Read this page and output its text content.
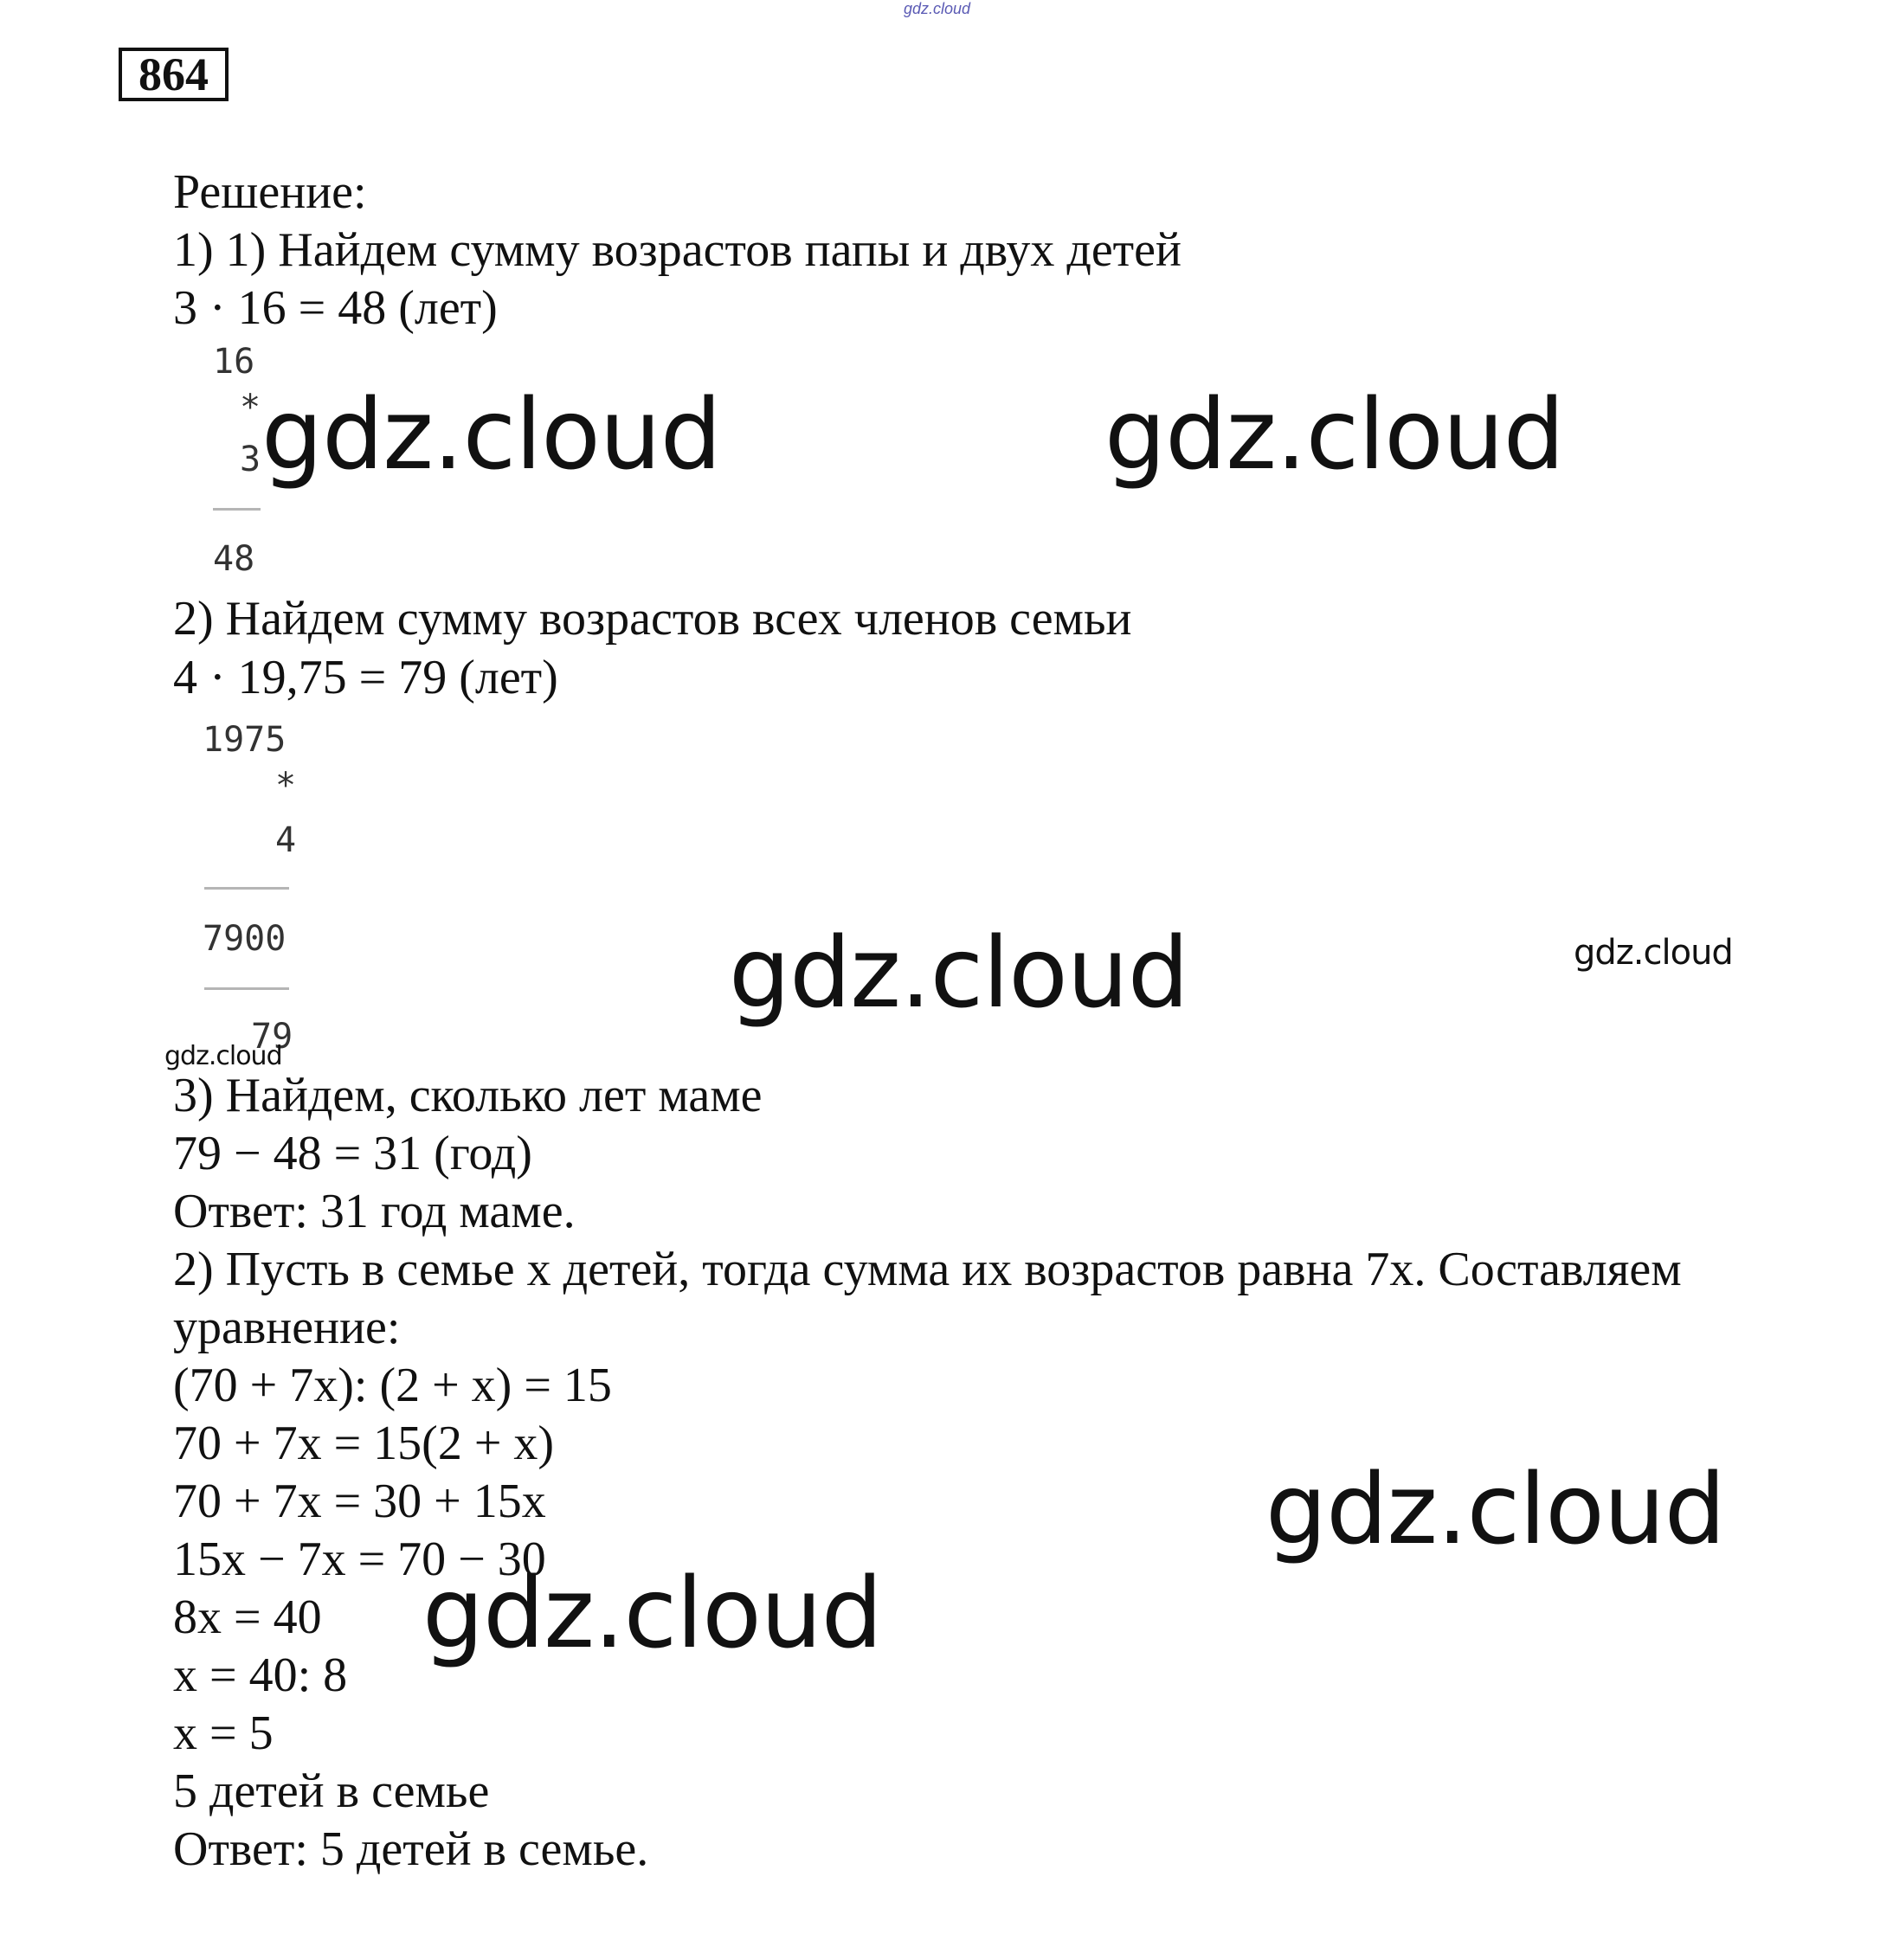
gdz.cloud
864
Решение:
1) 1) Найдем сумму возрастов папы и двух детей
3 · 16 = 48 (лет)
16
*
3
48
2) Найдем сумму возрастов всех членов семьи
4 · 19,75 = 79 (лет)
1975
*
4
7900
79
3) Найдем, сколько лет маме
79 − 48 = 31 (год)
Ответ: 31 год маме.
2) Пусть в семье x детей, тогда сумма их возрастов равна 7x. Составляем
уравнение:
(70 + 7x): (2 + x) = 15
70 + 7x = 15(2 + x)
70 + 7x = 30 + 15x
15x − 7x = 70 − 30
8x = 40
x = 40: 8
x = 5
5 детей в семье
Ответ: 5 детей в семье.
gdz.cloud	gdz.cloud
gdz.cloud	gdz.cloud
gdz.cloud
gdz.cloud
gdz.cloud
